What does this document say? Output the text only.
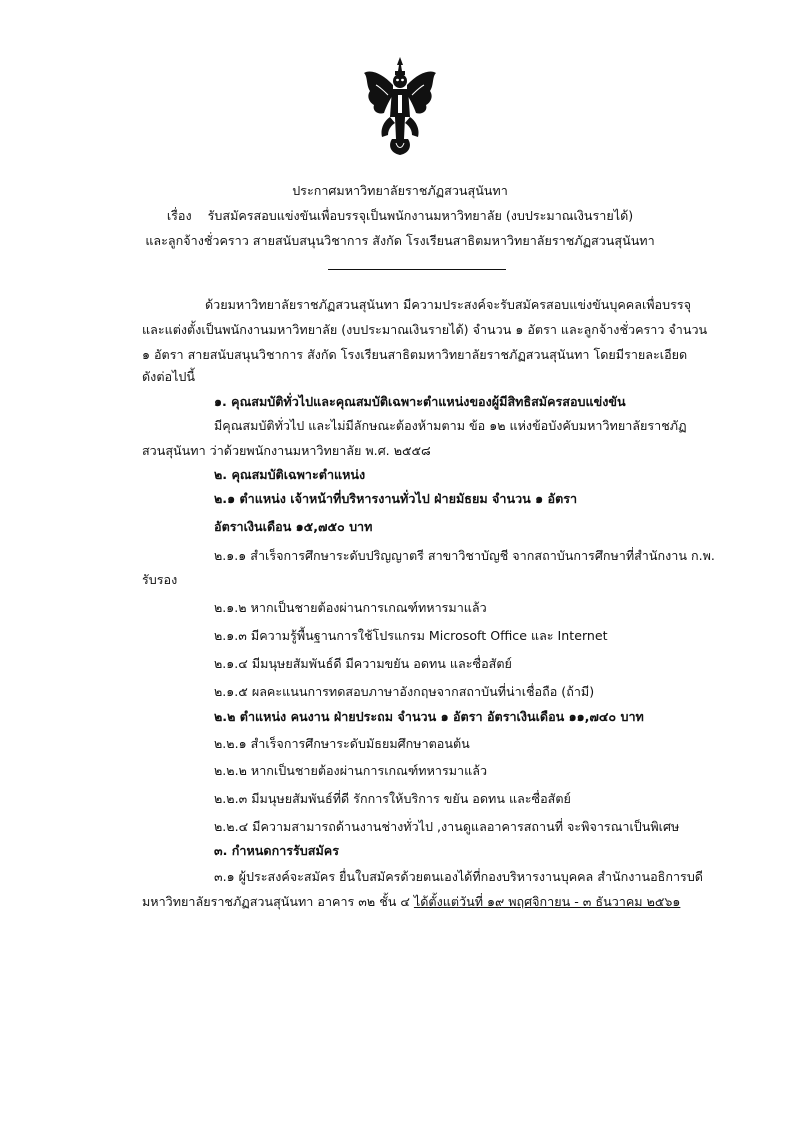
ประกาศมหาวิทยาลัยราชภัฏสวนสุนันทา
เรื่อง รับสมัครสอบแข่งขันเพื่อบรรจุเป็นพนักงานมหาวิทยาลัย (งบประมาณเงินรายได้)
และลูกจ้างชั่วคราว สายสนับสนุนวิชาการ สังกัด โรงเรียนสาธิตมหาวิทยาลัยราชภัฏสวนสุนันทา
ด้วยมหาวิทยาลัยราชภัฏสวนสุนันทา มีความประสงค์จะรับสมัครสอบแข่งขันบุคคลเพื่อบรรจุ
และแต่งตั้งเป็นพนักงานมหาวิทยาลัย (งบประมาณเงินรายได้) จำนวน ๑ อัตรา และลูกจ้างชั่วคราว จำนวน
๑ อัตรา สายสนับสนุนวิชาการ สังกัด โรงเรียนสาธิตมหาวิทยาลัยราชภัฏสวนสุนันทา โดยมีรายละเอียด
ดังต่อไปนี้
๑. คุณสมบัติทั่วไปและคุณสมบัติเฉพาะตำแหน่งของผู้มีสิทธิสมัครสอบแข่งขัน
มีคุณสมบัติทั่วไป และไม่มีลักษณะต้องห้ามตาม ข้อ ๑๒ แห่งข้อบังคับมหาวิทยาลัยราชภัฏ
สวนสุนันทา ว่าด้วยพนักงานมหาวิทยาลัย พ.ศ. ๒๕๕๘
๒. คุณสมบัติเฉพาะตำแหน่ง
๒.๑ ตำแหน่ง เจ้าหน้าที่บริหารงานทั่วไป ฝ่ายมัธยม จำนวน ๑ อัตรา
อัตราเงินเดือน ๑๕,๗๕๐ บาท
๒.๑.๑ สำเร็จการศึกษาระดับปริญญาตรี สาขาวิชาบัญชี จากสถาบันการศึกษาที่สำนักงาน ก.พ.
รับรอง
๒.๑.๒ หากเป็นชายต้องผ่านการเกณฑ์ทหารมาแล้ว
๒.๑.๓ มีความรู้พื้นฐานการใช้โปรแกรม Microsoft Office และ Internet
๒.๑.๔ มีมนุษยสัมพันธ์ดี มีความขยัน อดทน และซื่อสัตย์
๒.๑.๕ ผลคะแนนการทดสอบภาษาอังกฤษจากสถาบันที่น่าเชื่อถือ (ถ้ามี)
๒.๒ ตำแหน่ง คนงาน ฝ่ายประถม จำนวน ๑ อัตรา อัตราเงินเดือน ๑๑,๗๔๐ บาท
๒.๒.๑ สำเร็จการศึกษาระดับมัธยมศึกษาตอนต้น
๒.๒.๒ หากเป็นชายต้องผ่านการเกณฑ์ทหารมาแล้ว
๒.๒.๓ มีมนุษยสัมพันธ์ที่ดี รักการให้บริการ ขยัน อดทน และซื่อสัตย์
๒.๒.๔ มีความสามารถด้านงานช่างทั่วไป ,งานดูแลอาคารสถานที่ จะพิจารณาเป็นพิเศษ
๓. กำหนดการรับสมัคร
๓.๑ ผู้ประสงค์จะสมัคร ยื่นใบสมัครด้วยตนเองได้ที่กองบริหารงานบุคคล สำนักงานอธิการบดี
มหาวิทยาลัยราชภัฏสวนสุนันทา อาคาร ๓๒ ชั้น ๔ ได้ตั้งแต่วันที่ ๑๙ พฤศจิกายน - ๓ ธันวาคม ๒๕๖๑
